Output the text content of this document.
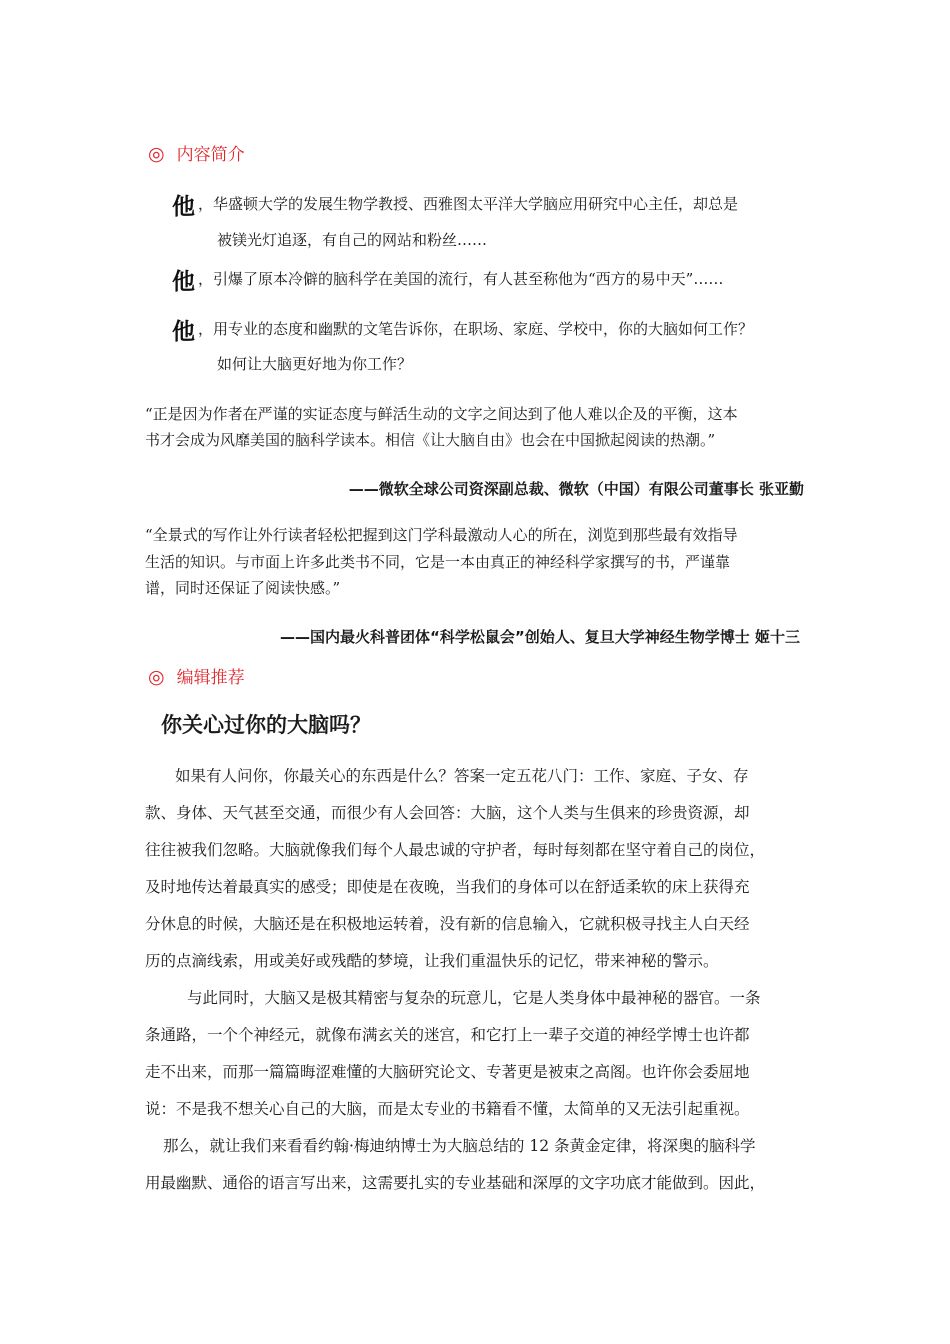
◎ 内容简介
他 ，华盛顿大学的发展生物学教授、西雅图太平洋大学脑应用研究中心主任，却总是
被镁光灯追逐，有自己的网站和粉丝……
他 ，引爆了原本冷僻的脑科学在美国的流行，有人甚至称他为“西方的易中天”……
他 ，用专业的态度和幽默的文笔告诉你，在职场、家庭、学校中，你的大脑如何工作？
如何让大脑更好地为你工作？
“正是因为作者在严谨的实证态度与鲜活生动的文字之间达到了他人难以企及的平衡，这本
书才会成为风靡美国的脑科学读本。相信《让大脑自由》也会在中国掀起阅读的热潮。”
——微软全球公司资深副总裁、微软（中国）有限公司董事长 张亚勤
“全景式的写作让外行读者轻松把握到这门学科最激动人心的所在，浏览到那些最有效指导
生活的知识。与市面上许多此类书不同，它是一本由真正的神经科学家撰写的书，严谨靠
谱，同时还保证了阅读快感。”
——国内最火科普团体“科学松鼠会”创始人、复旦大学神经生物学博士 姬十三
◎ 编辑推荐
你关心过你的大脑吗？
如果有人问你，你最关心的东西是什么？答案一定五花八门：工作、家庭、子女、存
款、身体、天气甚至交通，而很少有人会回答：大脑，这个人类与生俱来的珍贵资源，却
往往被我们忽略。大脑就像我们每个人最忠诚的守护者，每时每刻都在坚守着自己的岗位，
及时地传达着最真实的感受；即使是在夜晚，当我们的身体可以在舒适柔软的床上获得充
分休息的时候，大脑还是在积极地运转着，没有新的信息输入，它就积极寻找主人白天经
历的点滴线索，用或美好或残酷的梦境，让我们重温快乐的记忆，带来神秘的警示。
与此同时，大脑又是极其精密与复杂的玩意儿，它是人类身体中最神秘的器官。一条
条通路，一个个神经元，就像布满玄关的迷宫，和它打上一辈子交道的神经学博士也许都
走不出来，而那一篇篇晦涩难懂的大脑研究论文、专著更是被束之高阁。也许你会委屈地
说：不是我不想关心自己的大脑，而是太专业的书籍看不懂，太简单的又无法引起重视。
那么，就让我们来看看约翰·梅迪纳博士为大脑总结的 12 条黄金定律，将深奥的脑科学
用最幽默、通俗的语言写出来，这需要扎实的专业基础和深厚的文字功底才能做到。因此，
